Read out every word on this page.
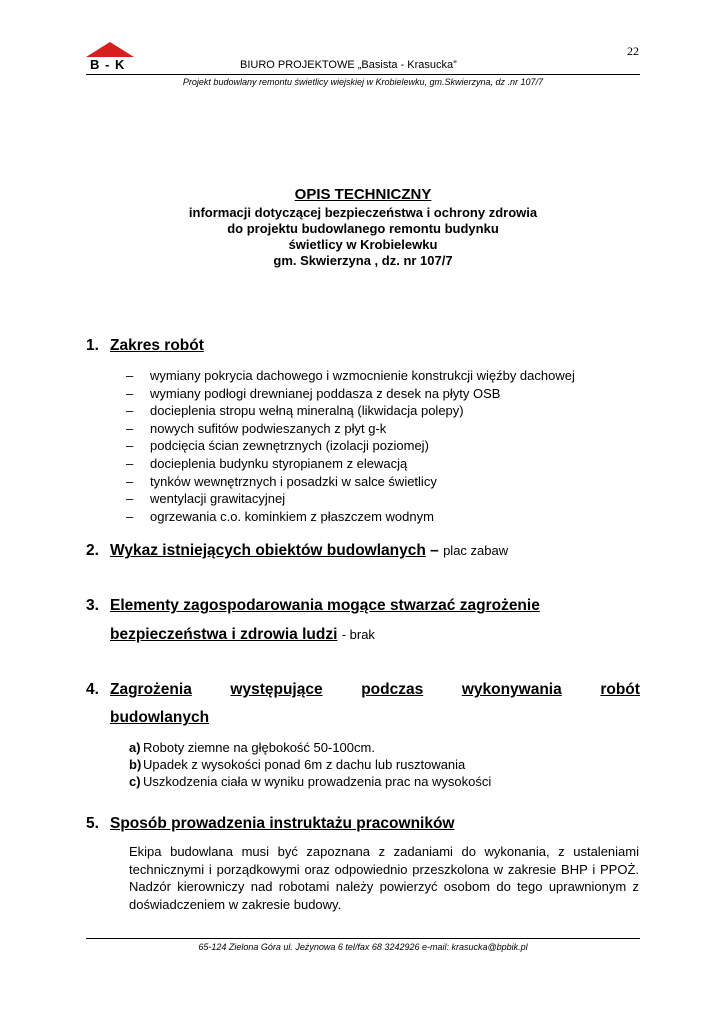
22
B - K	BIURO PROJEKTOWE „Basista - Krasucka”
Projekt budowlany remontu świetlicy wiejskiej w Krobielewku, gm.Skwierzyna, dz .nr 107/7
OPIS TECHNICZNY
informacji dotyczącej bezpieczeństwa i ochrony zdrowia
do projektu budowlanego remontu budynku
świetlicy w Krobielewku
gm. Skwierzyna , dz. nr 107/7
1. Zakres robót
– wymiany pokrycia dachowego i wzmocnienie konstrukcji więźby dachowej
– wymiany podłogi drewnianej poddasza z desek na płyty OSB
– docieplenia stropu wełną mineralną (likwidacja polepy)
– nowych sufitów podwieszanych z płyt g-k
– podcięcia ścian zewnętrznych (izolacji poziomej)
– docieplenia budynku styropianem z elewacją
– tynków wewnętrznych i posadzki w salce świetlicy
– wentylacji grawitacyjnej
– ogrzewania c.o. kominkiem z płaszczem wodnym
2. Wykaz istniejących obiektów budowlanych – plac zabaw
3. Elementy zagospodarowania mogące stwarzać zagrożenie
bezpieczeństwa i zdrowia ludzi - brak
4. Zagrożenia występujące podczas wykonywania robót
budowlanych
a) Roboty ziemne na głębokość 50-100cm.
b) Upadek z wysokości ponad 6m z dachu lub rusztowania
c) Uszkodzenia ciała w wyniku prowadzenia prac na wysokości
5. Sposób prowadzenia instruktażu pracowników
Ekipa budowlana musi być zapoznana z zadaniami do wykonania, z ustaleniami technicznymi i porządkowymi oraz odpowiednio przeszkolona w zakresie BHP i PPOŻ. Nadzór kierowniczy nad robotami należy powierzyć osobom do tego uprawnionym z doświadczeniem w zakresie budowy.
65-124 Zielona Góra ul. Jeżynowa 6 tel/fax 68 3242926 e-mail: krasucka@bpbik.pl
